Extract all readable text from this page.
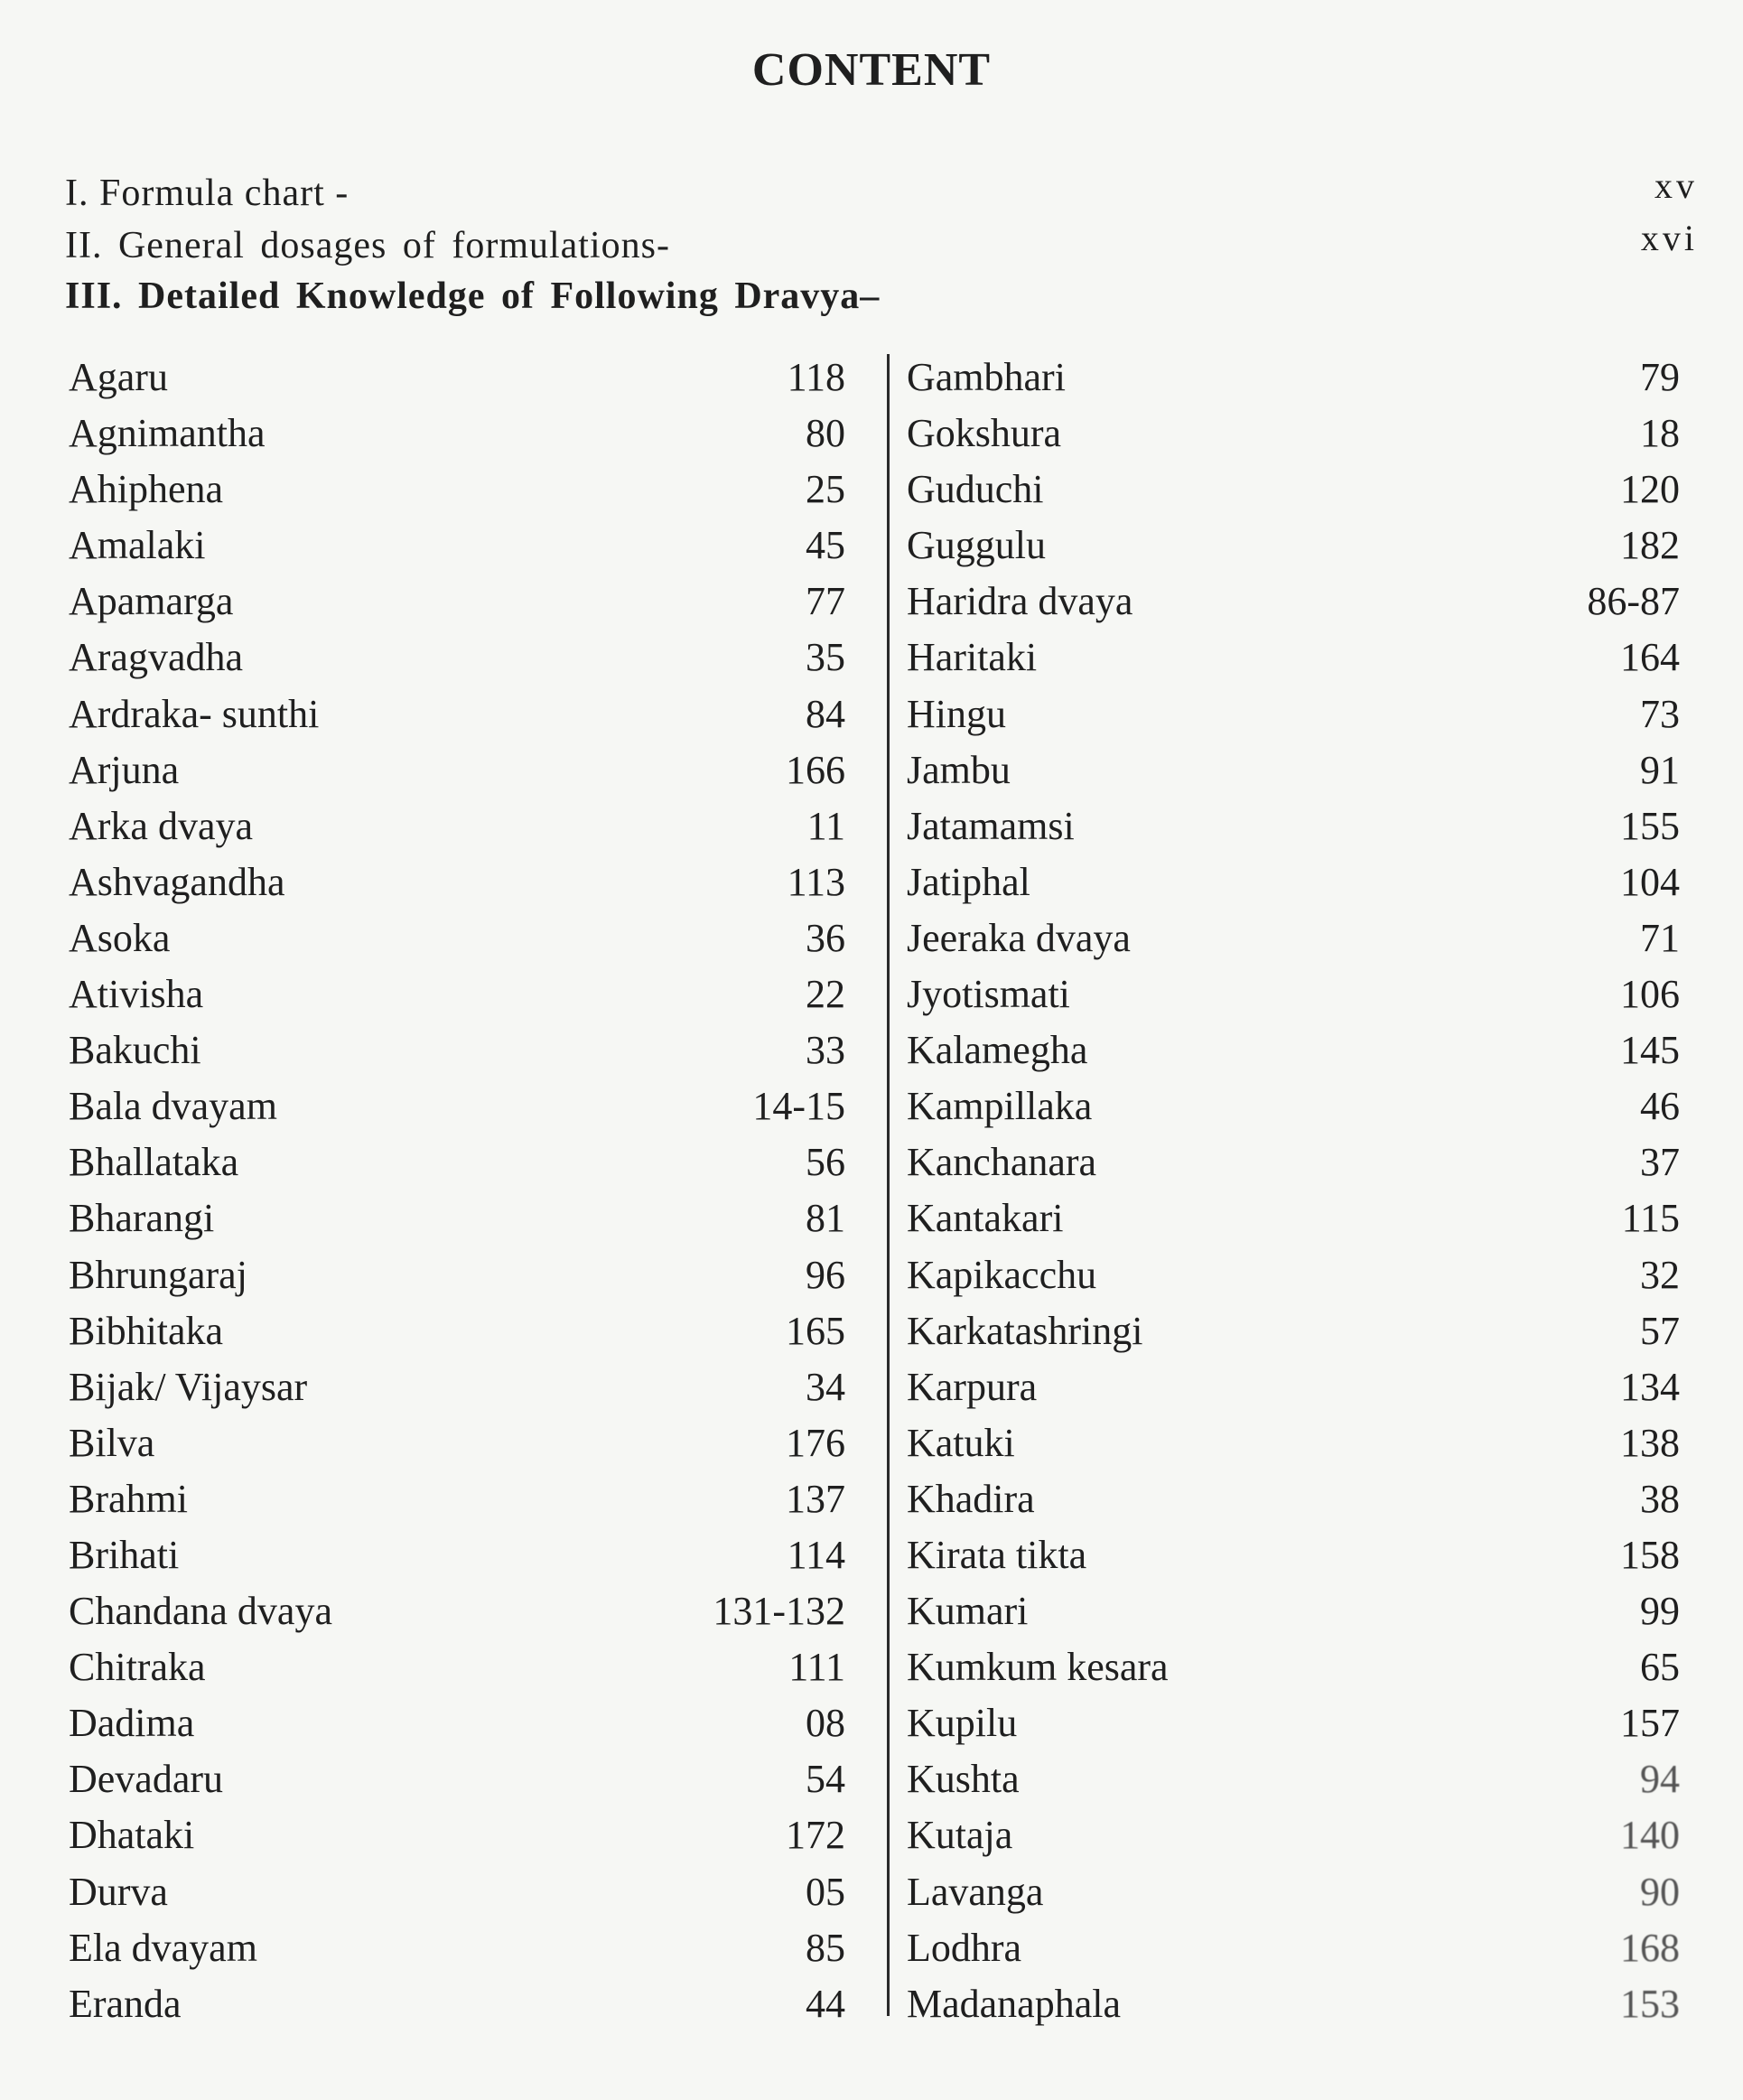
CONTENT
I. Formula chart -	xv
II. General dosages of formulations-	xvi
III. Detailed Knowledge of Following Dravya–
Agaru	118
Agnimantha	80
Ahiphena	25
Amalaki	45
Apamarga	77
Aragvadha	35
Ardraka- sunthi	84
Arjuna	166
Arka dvaya	11
Ashvagandha	113
Asoka	36
Ativisha	22
Bakuchi	33
Bala dvayam	14-15
Bhallataka	56
Bharangi	81
Bhrungaraj	96
Bibhitaka	165
Bijak/ Vijaysar	34
Bilva	176
Brahmi	137
Brihati	114
Chandana dvaya	131-132
Chitraka	111
Dadima	08
Devadaru	54
Dhataki	172
Durva	05
Ela dvayam	85
Eranda	44
Gambhari	79
Gokshura	18
Guduchi	120
Guggulu	182
Haridra dvaya	86-87
Haritaki	164
Hingu	73
Jambu	91
Jatamamsi	155
Jatiphal	104
Jeeraka dvaya	71
Jyotismati	106
Kalamegha	145
Kampillaka	46
Kanchanara	37
Kantakari	115
Kapikacchu	32
Karkatashringi	57
Karpura	134
Katuki	138
Khadira	38
Kirata tikta	158
Kumari	99
Kumkum kesara	65
Kupilu	157
Kushta	94
Kutaja	140
Lavanga	90
Lodhra	168
Madanaphala	153
